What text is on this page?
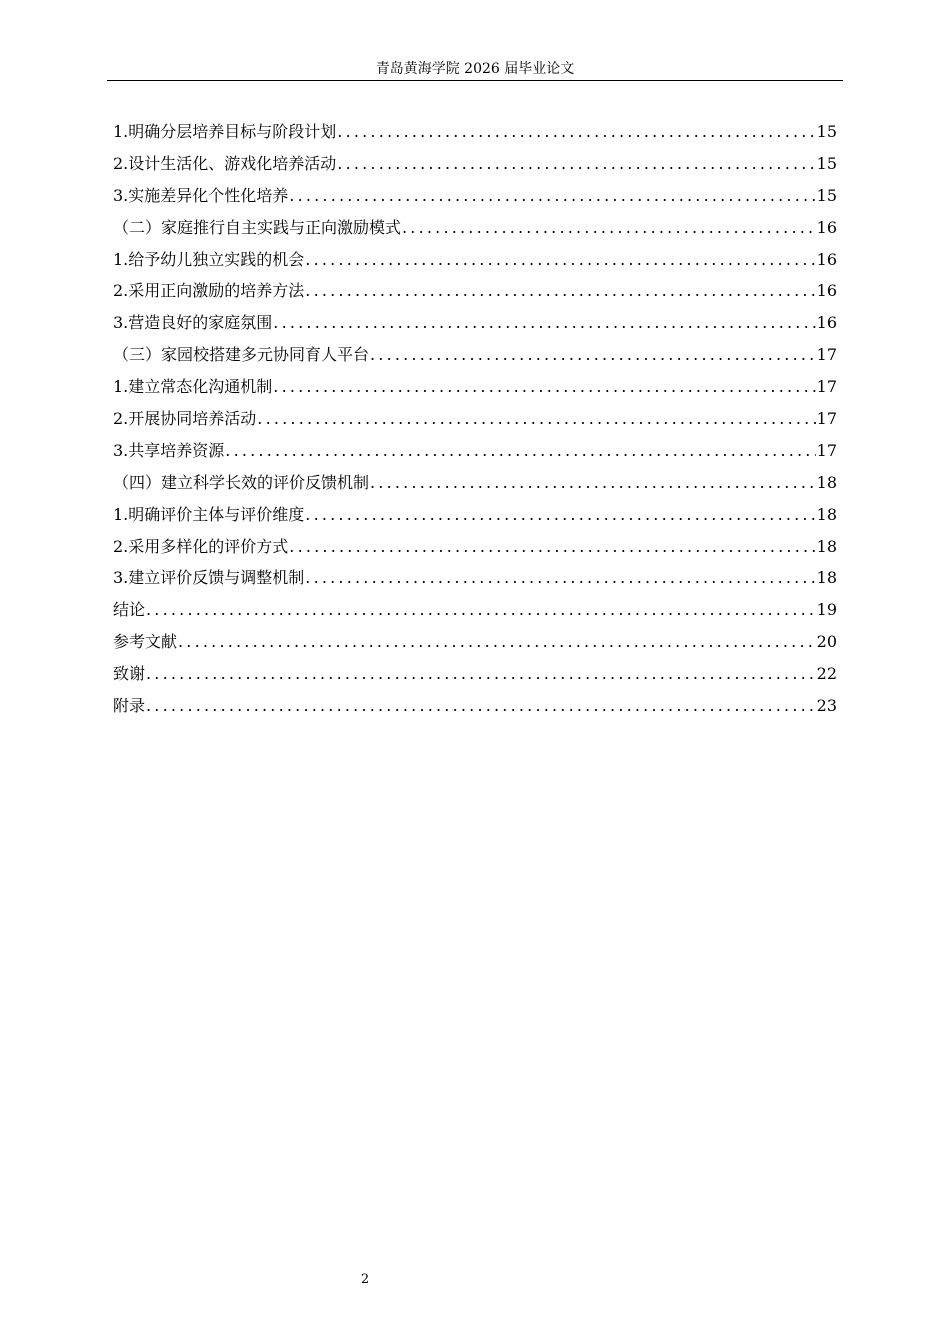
青岛黄海学院 2026 届毕业论文
1.明确分层培养目标与阶段计划 .....	15
2.设计生活化、游戏化培养活动 .....	15
3.实施差异化个性化培养 .....	15
（二）家庭推行自主实践与正向激励模式 .....	16
1.给予幼儿独立实践的机会 .....	16
2.采用正向激励的培养方法 .....	16
3.营造良好的家庭氛围 .....	16
（三）家园校搭建多元协同育人平台 .....	17
1.建立常态化沟通机制 .....	17
2.开展协同培养活动 .....	17
3.共享培养资源 .....	17
（四）建立科学长效的评价反馈机制 .....	18
1.明确评价主体与评价维度 .....	18
2.采用多样化的评价方式 .....	18
3.建立评价反馈与调整机制 .....	18
结论 .....	19
参考文献 .....	20
致谢 .....	22
附录 .....	23
2
